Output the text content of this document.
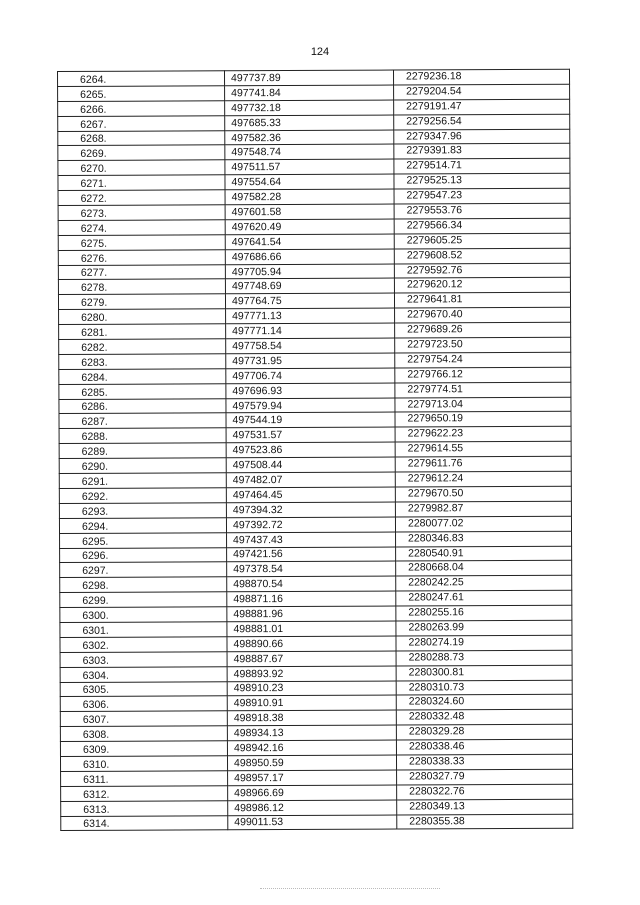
124
6264.	497737.89	2279236.18
6265.	497741.84	2279204.54
6266.	497732.18	2279191.47
6267.	497685.33	2279256.54
6268.	497582.36	2279347.96
6269.	497548.74	2279391.83
6270.	497511.57	2279514.71
6271.	497554.64	2279525.13
6272.	497582.28	2279547.23
6273.	497601.58	2279553.76
6274.	497620.49	2279566.34
6275.	497641.54	2279605.25
6276.	497686.66	2279608.52
6277.	497705.94	2279592.76
6278.	497748.69	2279620.12
6279.	497764.75	2279641.81
6280.	497771.13	2279670.40
6281.	497771.14	2279689.26
6282.	497758.54	2279723.50
6283.	497731.95	2279754.24
6284.	497706.74	2279766.12
6285.	497696.93	2279774.51
6286.	497579.94	2279713.04
6287.	497544.19	2279650.19
6288.	497531.57	2279622.23
6289.	497523.86	2279614.55
6290.	497508.44	2279611.76
6291.	497482.07	2279612.24
6292.	497464.45	2279670.50
6293.	497394.32	2279982.87
6294.	497392.72	2280077.02
6295.	497437.43	2280346.83
6296.	497421.56	2280540.91
6297.	497378.54	2280668.04
6298.	498870.54	2280242.25
6299.	498871.16	2280247.61
6300.	498881.96	2280255.16
6301.	498881.01	2280263.99
6302.	498890.66	2280274.19
6303.	498887.67	2280288.73
6304.	498893.92	2280300.81
6305.	498910.23	2280310.73
6306.	498910.91	2280324.60
6307.	498918.38	2280332.48
6308.	498934.13	2280329.28
6309.	498942.16	2280338.46
6310.	498950.59	2280338.33
6311.	498957.17	2280327.79
6312.	498966.69	2280322.76
6313.	498986.12	2280349.13
6314.	499011.53	2280355.38
